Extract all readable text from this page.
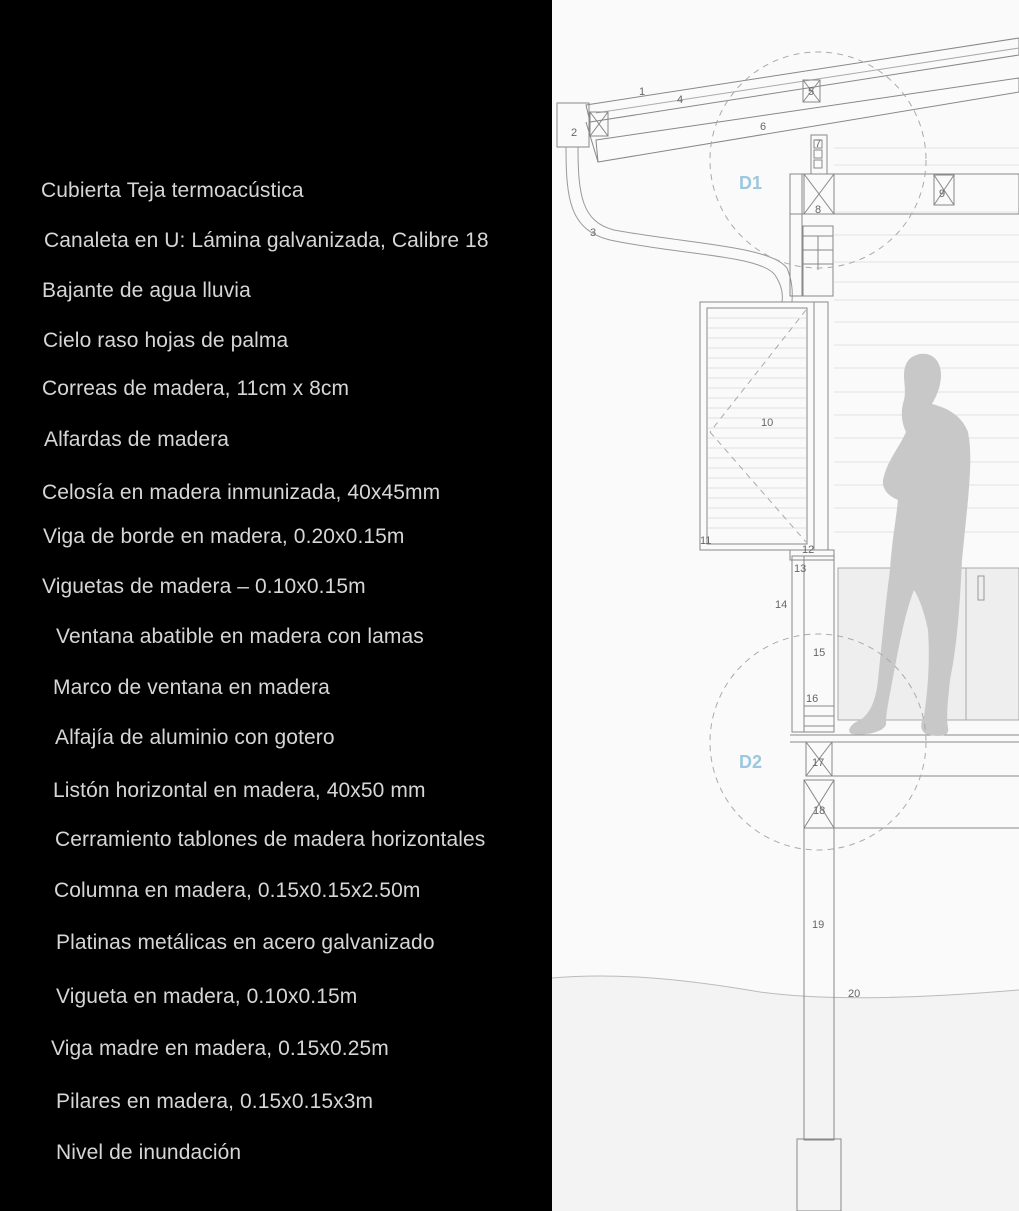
Cubierta Teja termoacústica
Canaleta en U: Lámina galvanizada, Calibre 18
Bajante de agua lluvia
Cielo raso hojas de palma
Correas de madera, 11cm x 8cm
Alfardas de madera
Celosía en madera inmunizada, 40x45mm
Viga de borde en madera, 0.20x0.15m
Viguetas de madera – 0.10x0.15m
Ventana abatible en madera con lamas
Marco de ventana en madera
Alfajía de aluminio con gotero
Listón horizontal en madera, 40x50 mm
Cerramiento tablones de madera horizontales
Columna en madera, 0.15x0.15x2.50m
Platinas metálicas en acero galvanizado
Vigueta en madera, 0.10x0.15m
Viga madre en madera, 0.15x0.25m
Pilares en madera, 0.15x0.15x3m
Nivel de inundación
D1
D2
1
2
3
4
5
6
7
8
9
10
11
12
13
14
15
16
17
18
19
20
